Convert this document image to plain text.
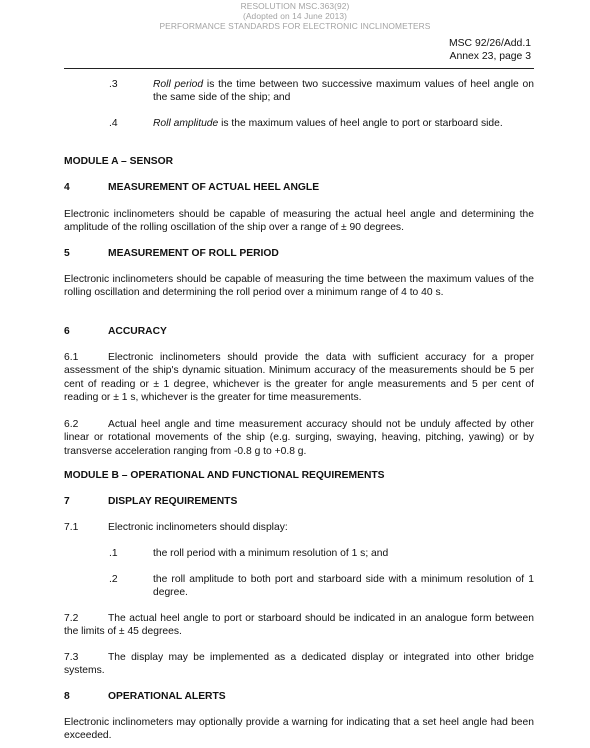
RESOLUTION MSC.363(92)
(Adopted on 14 June 2013)
PERFORMANCE STANDARDS FOR ELECTRONIC INCLINOMETERS
MSC 92/26/Add.1
Annex 23, page 3
.3	Roll period is the time between two successive maximum values of heel angle on the same side of the ship; and
.4	Roll amplitude is the maximum values of heel angle to port or starboard side.
MODULE A – SENSOR
4	MEASUREMENT OF ACTUAL HEEL ANGLE
Electronic inclinometers should be capable of measuring the actual heel angle and determining the amplitude of the rolling oscillation of the ship over a range of ± 90 degrees.
5	MEASUREMENT OF ROLL PERIOD
Electronic inclinometers should be capable of measuring the time between the maximum values of the rolling oscillation and determining the roll period over a minimum range of 4 to 40 s.
6	ACCURACY
6.1	Electronic inclinometers should provide the data with sufficient accuracy for a proper assessment of the ship's dynamic situation. Minimum accuracy of the measurements should be 5 per cent of reading or ± 1 degree, whichever is the greater for angle measurements and 5 per cent of reading or ± 1 s, whichever is the greater for time measurements.
6.2	Actual heel angle and time measurement accuracy should not be unduly affected by other linear or rotational movements of the ship (e.g. surging, swaying, heaving, pitching, yawing) or by transverse acceleration ranging from -0.8 g to +0.8 g.
MODULE B – OPERATIONAL AND FUNCTIONAL REQUIREMENTS
7	DISPLAY REQUIREMENTS
7.1	Electronic inclinometers should display:
.1	the roll period with a minimum resolution of 1 s; and
.2	the roll amplitude to both port and starboard side with a minimum resolution of 1 degree.
7.2	The actual heel angle to port or starboard should be indicated in an analogue form between the limits of ± 45 degrees.
7.3	The display may be implemented as a dedicated display or integrated into other bridge systems.
8	OPERATIONAL ALERTS
Electronic inclinometers may optionally provide a warning for indicating that a set heel angle had been exceeded.
